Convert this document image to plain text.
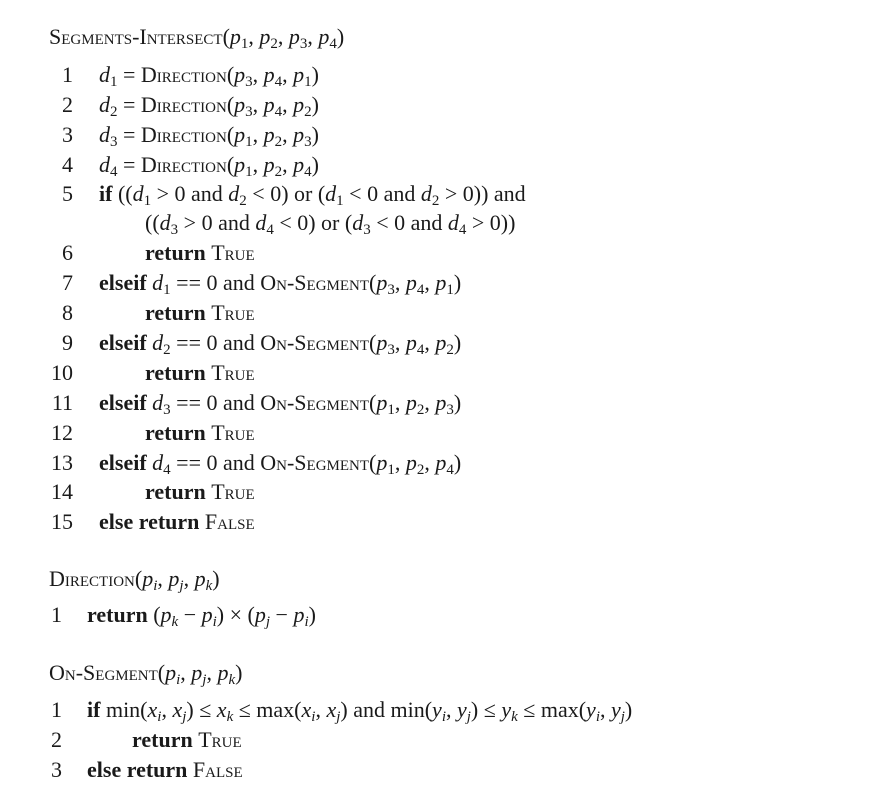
Segments-$Intersect(p_1$, $p_2$, $p_3$, $p_4$)
1 $d_1$ = $Direction(p_3$, $p_4$, $p_1$)
2 $d_2$ = $Direction(p_3$, $p_4$, $p_2$)
3 $d_3$ = $Direction(p_1$, $p_2$, $p_3$)
4 $d_4$ = $Direction(p_1$, $p_2$, $p_4$)
5 if (($d_1 > 0$ and $d_2 < 0$) or ($d_1 < 0$ and $d_2 > 0$)) and
(($d_3 > 0$ and $d_4 < 0$) or ($d_3 < 0$ and $d_4 > 0$))
6	return True
7 elseif $d_1 == 0$ and $On-Segment(p_3$, $p_4$, $p_1$)
8	return True
9 elseif $d_2 == 0$ and $On-Segment(p_3$, $p_4$, $p_2$)
10	return True
11 elseif $d_3 == 0$ and $On-Segment(p_1$, $p_2$, $p_3$)
12	return True
13 elseif $d_4 == 0$ and $On-Segment(p_1$, $p_2$, $p_4$)
14	return True
15 else return False
$Direction(p_i$, $p_j$, $p_k$)
1 return $(p_k - p_i) \times (p_j - p_i)$
$On-Segment(p_i$, $p_j$, $p_k$)
1 if $\min(x_i$, $x_j) \le x_k \le \max(x_i$, $x_j$) and $\min(y_i$, $y_j) \le y_k \le \max(y_i$, $y_j$)
2	return True
3 else return False
